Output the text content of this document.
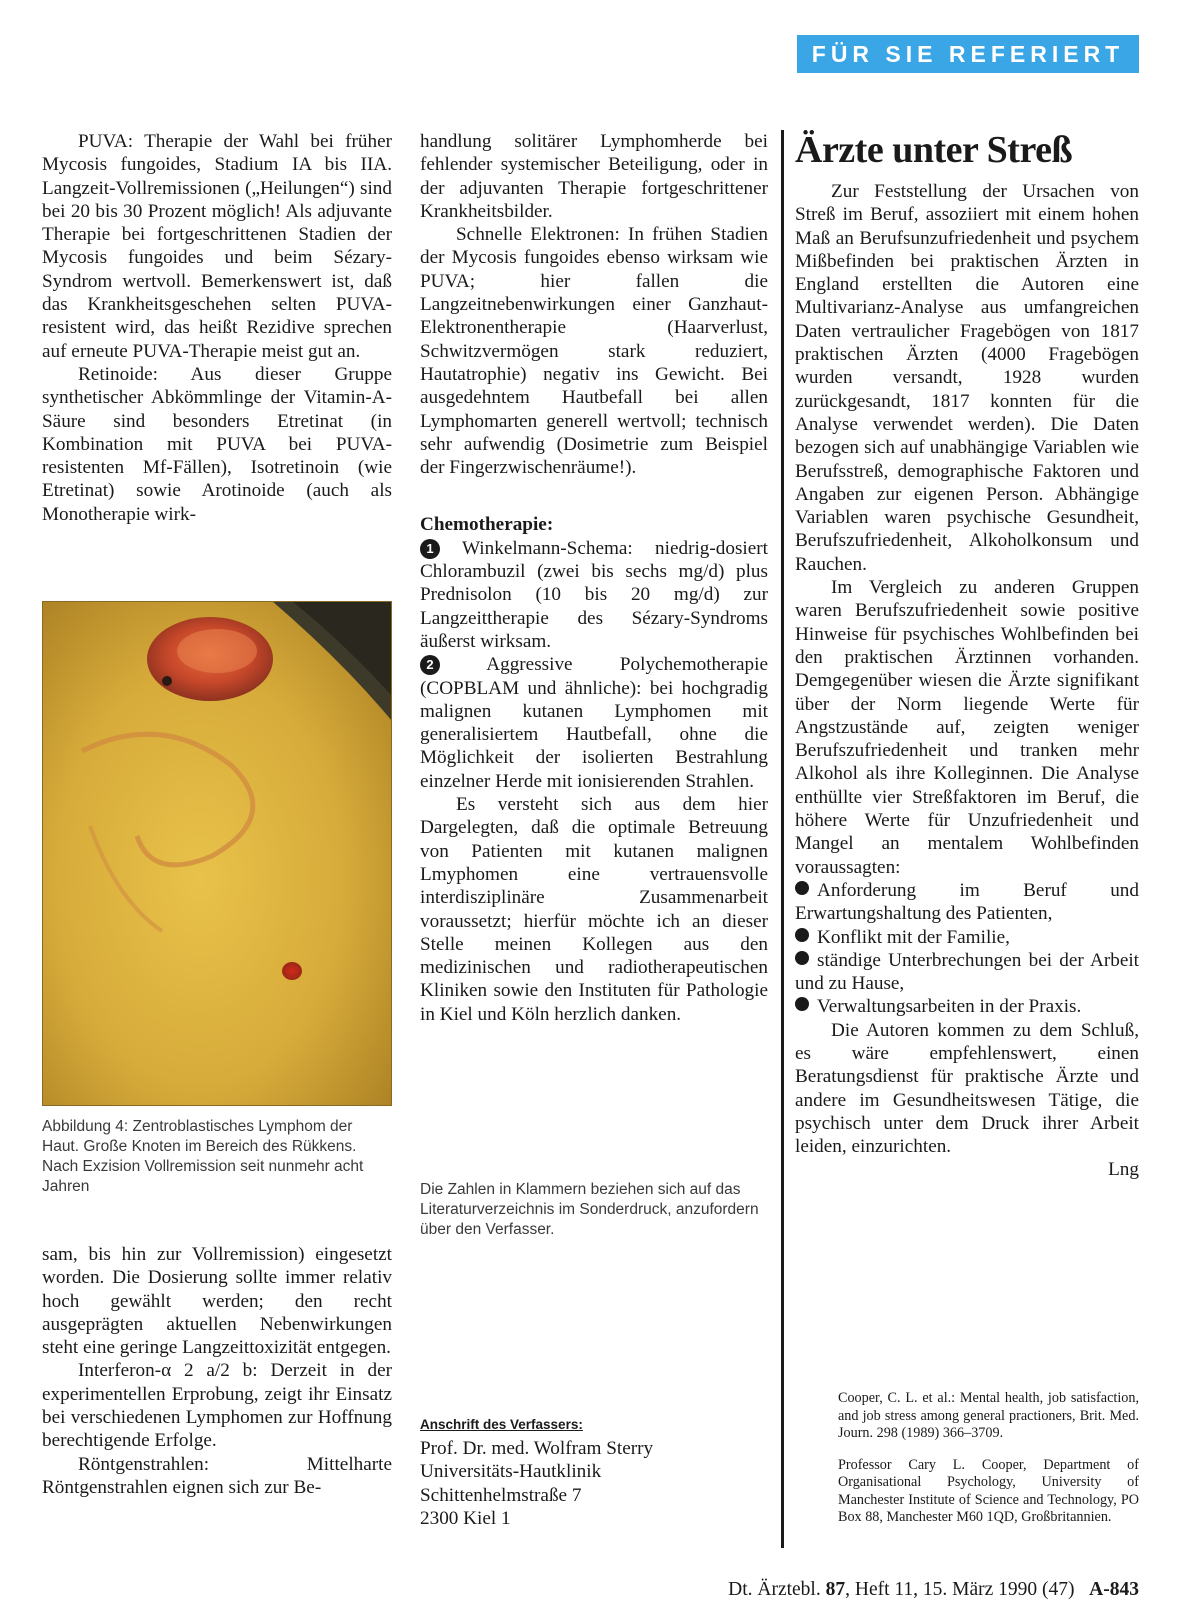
FÜR SIE REFERIERT

PUVA: Therapie der Wahl bei früher Mycosis fungoides, Stadium IA bis IIA. Langzeit-Vollremissionen („Heilungen“) sind bei 20 bis 30 Prozent möglich! Als adjuvante Therapie bei fortgeschrittenen Stadien der Mycosis fungoides und beim Sézary-Syndrom wertvoll. Bemerkenswert ist, daß das Krankheitsgeschehen selten PUVA-resistent wird, das heißt Rezidive sprechen auf erneute PUVA-Therapie meist gut an.

Retinoide: Aus dieser Gruppe synthetischer Abkömmlinge der Vitamin-A-Säure sind besonders Etretinat (in Kombination mit PUVA bei PUVA-resistenten Mf-Fällen), Isotretinoin (wie Etretinat) sowie Arotinoide (auch als Monotherapie wirk-

Abbildung 4: Zentroblastisches Lymphom der Haut. Große Knoten im Bereich des Rükkens. Nach Exzision Vollremission seit nunmehr acht Jahren

sam, bis hin zur Vollremission) eingesetzt worden. Die Dosierung sollte immer relativ hoch gewählt werden; den recht ausgeprägten aktuellen Nebenwirkungen steht eine geringe Langzeittoxizität entgegen.

Interferon-α 2 a/2 b: Derzeit in der experimentellen Erprobung, zeigt ihr Einsatz bei verschiedenen Lymphomen zur Hoffnung berechtigende Erfolge.

Röntgenstrahlen: Mittelharte Röntgenstrahlen eignen sich zur Be-

handlung solitärer Lymphomherde bei fehlender systemischer Beteiligung, oder in der adjuvanten Therapie fortgeschrittener Krankheitsbilder.

Schnelle Elektronen: In frühen Stadien der Mycosis fungoides ebenso wirksam wie PUVA; hier fallen die Langzeitnebenwirkungen einer Ganzhaut-Elektronentherapie (Haarverlust, Schwitzvermögen stark reduziert, Hautatrophie) negativ ins Gewicht. Bei ausgedehntem Hautbefall bei allen Lymphomarten generell wertvoll; technisch sehr aufwendig (Dosimetrie zum Beispiel der Fingerzwischenräume!).

Chemotherapie:

1 Winkelmann-Schema: niedrig-dosiert Chlorambuzil (zwei bis sechs mg/d) plus Prednisolon (10 bis 20 mg/d) zur Langzeittherapie des Sézary-Syndroms äußerst wirksam.

2	Aggressive Polychemotherapie (COPBLAM und ähnliche): bei hochgradig malignen kutanen Lymphomen mit generalisiertem Hautbefall, ohne die Möglichkeit der isolierten Bestrahlung einzelner Herde mit ionisierenden Strahlen.

Es versteht sich aus dem hier Dargelegten, daß die optimale Betreuung von Patienten mit kutanen malignen Lmyphomen eine vertrauensvolle interdisziplinäre Zusammenarbeit voraussetzt; hierfür möchte ich an dieser Stelle meinen Kollegen aus den medizinischen und radiotherapeutischen Kliniken sowie den Instituten für Pathologie in Kiel und Köln herzlich danken.

Die Zahlen in Klammern beziehen sich auf das Literaturverzeichnis im Sonderdruck, anzufordern über den Verfasser.
Anschrift des Verfassers:
Prof. Dr. med. Wolfram Sterry
Universitäts-Hautklinik
Schittenhelmstraße 7
2300 Kiel 1
Ärzte unter Streß

Zur Feststellung der Ursachen von Streß im Beruf, assoziiert mit einem hohen Maß an Berufsunzufriedenheit und psychem Mißbefinden bei praktischen Ärzten in England erstellten die Autoren eine Multivarianz-Analyse aus umfangreichen Daten vertraulicher Fragebögen von 1817 praktischen Ärzten (4000 Fragebögen wurden versandt, 1928 wurden zurückgesandt, 1817 konnten für die Analyse verwendet werden). Die Daten bezogen sich auf unabhängige Variablen wie Berufsstreß, demographische Faktoren und Angaben zur eigenen Person. Abhängige Variablen waren psychische Gesundheit, Berufszufriedenheit, Alkoholkonsum und Rauchen.

Im Vergleich zu anderen Gruppen waren Berufszufriedenheit sowie positive Hinweise für psychisches Wohlbefinden bei den praktischen Ärztinnen vorhanden. Demgegenüber wiesen die Ärzte signifikant über der Norm liegende Werte für Angstzustände auf, zeigten weniger Berufszufriedenheit und tranken mehr Alkohol als ihre Kolleginnen. Die Analyse enthüllte vier Streßfaktoren im Beruf, die höhere Werte für Unzufriedenheit und Mangel an mentalem Wohlbefinden voraussagten:

Anforderung im Beruf und Erwartungshaltung des Patienten,
Konflikt mit der Familie,
ständige Unterbrechungen bei der Arbeit und zu Hause,
Verwaltungsarbeiten in der Praxis.

Die Autoren kommen zu dem Schluß, es wäre empfehlenswert, einen Beratungsdienst für praktische Ärzte und andere im Gesundheitswesen Tätige, die psychisch unter dem Druck ihrer Arbeit leiden, einzurichten.

Lng

Cooper, C. L. et al.: Mental health, job satisfaction, and job stress among general practioners, Brit. Med. Journ. 298 (1989) 366–3709.

Professor Cary L. Cooper, Department of Organisational Psychology, University of Manchester Institute of Science and Technology, PO Box 88, Manchester M60 1QD, Großbritannien.

Dt. Ärztebl. 87, Heft 11, 15. März 1990 (47) A-843
